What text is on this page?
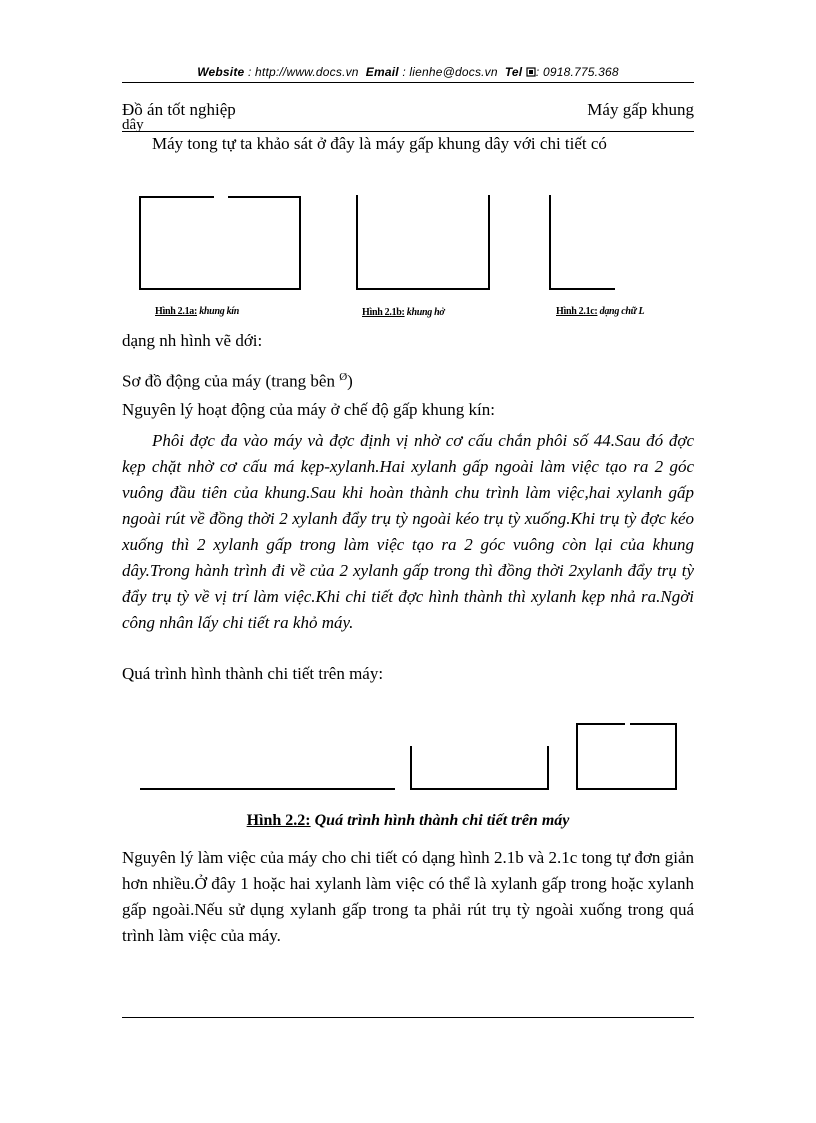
Website : http://www.docs.vn Email : lienhe@docs.vn Tel : 0918.775.368
Đồ án tốt nghiệp	Máy gấp khung
dây
Máy tong tự ta khảo sát ở đây là máy gấp khung dây với chi tiết có
Hình 2.1a: khung kín	Hình 2.1b: khung hở	Hình 2.1c: dạng chữ L
dạng nh hình vẽ dới:
Sơ đồ động của máy (trang bên $^Ø$)
Nguyên lý hoạt động của máy ở chế độ gấp khung kín:
Phôi đợc đa vào máy và đợc định vị nhờ cơ cấu chắn phôi số 44.Sau đó đợc kẹp chặt nhờ cơ cấu má kẹp-xylanh.Hai xylanh gấp ngoài làm việc tạo ra 2 góc vuông đầu tiên của khung.Sau khi hoàn thành chu trình làm việc,hai xylanh gấp ngoài rút về đồng thời 2 xylanh đẩy trụ tỳ ngoài kéo trụ tỳ xuống.Khi trụ tỳ đợc kéo xuống thì 2 xylanh gấp trong làm việc tạo ra 2 góc vuông còn lại của khung dây.Trong hành trình đi về của 2 xylanh gấp trong thì đồng thời 2xylanh đẩy trụ tỳ đẩy trụ tỳ về vị trí làm việc.Khi chi tiết đợc hình thành thì xylanh kẹp nhả ra.Ngời công nhân lấy chi tiết ra khỏ máy.
Quá trình hình thành chi tiết trên máy:
Hình 2.2: Quá trình hình thành chi tiết trên máy
Nguyên lý làm việc của máy cho chi tiết có dạng hình 2.1b và 2.1c tong tự đơn giản hơn nhiều.Ở đây 1 hoặc hai xylanh làm việc có thể là xylanh gấp trong hoặc xylanh gấp ngoài.Nếu sử dụng xylanh gấp trong ta phải rút trụ tỳ ngoài xuống trong quá trình làm việc của máy.
